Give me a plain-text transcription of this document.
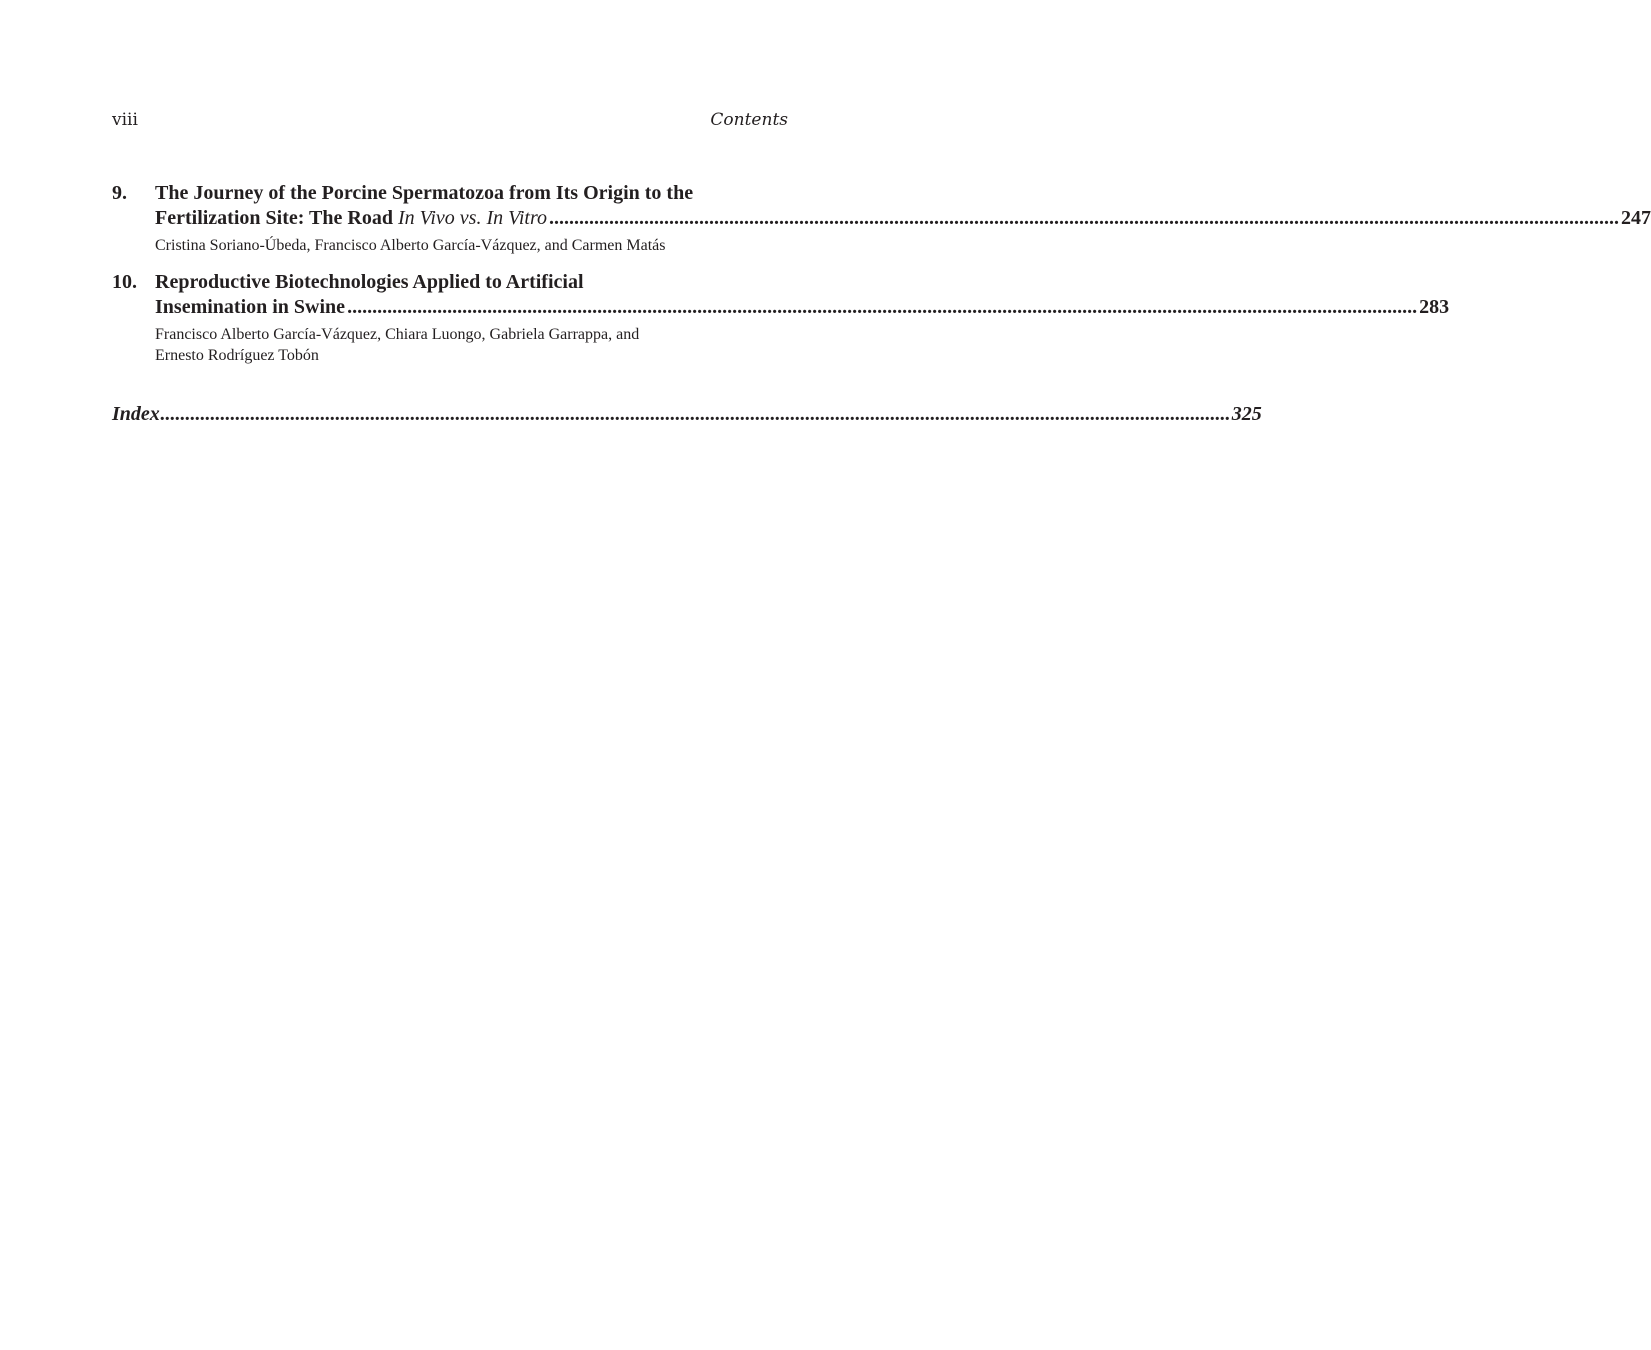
viii	Contents
9.	The Journey of the Porcine Spermatozoa from Its Origin to the
Fertilization Site: The Road In Vivo vs. In Vitro ...................................................................................................................................................................................................................... 247
Cristina Soriano-Úbeda, Francisco Alberto García-Vázquez, and Carmen Matás
10. Reproductive Biotechnologies Applied to Artificial
Insemination in Swine ...................................................................................................................................................................................................................... 283
Francisco Alberto García-Vázquez, Chiara Luongo, Gabriela Garrappa, and
Ernesto Rodríguez Tobón
Index ...................................................................................................................................................................................................................... 325
